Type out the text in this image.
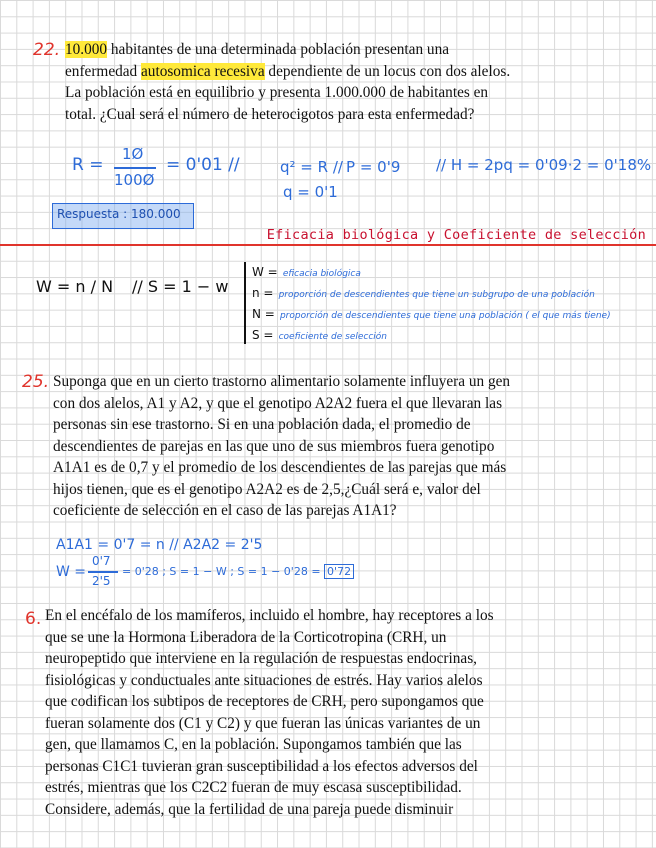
22. 10.000 habitantes de una determinada población presentan una
enfermedad autosomica recesiva dependiente de un locus con dos alelos.
La población está en equilibrio y presenta 1.000.000 de habitantes en
total. ¿Cual será el número de heterocigotos para esta enfermedad?
R =
1Ø
100Ø
= 0'01 //	q² = R // P = 0'9 // H = 2pq = 0'09·2 = 0'18%
q = 0'1
Respuesta : 180.000
Eficacia biológica y Coeficiente de selección
W = n / N // S = 1 − w
W = eficacia biológica
n = proporción de descendientes que tiene un subgrupo de una población
N = proporción de descendientes que tiene una población ( el que más tiene)
S = coeficiente de selección
25. Suponga que en un cierto trastorno alimentario solamente influyera un gen
con dos alelos, A1 y A2, y que el genotipo A2A2 fuera el que llevaran las
personas sin ese trastorno. Si en una población dada, el promedio de
descendientes de parejas en las que uno de sus miembros fuera genotipo
A1A1 es de 0,7 y el promedio de los descendientes de las parejas que más
hijos tienen, que es el genotipo A2A2 es de 2,5,¿Cuál será e, valor del
coeficiente de selección en el caso de las parejas A1A1?
A1A1 = 0'7 = n // A2A2 = 2'5
W =
0'7
2'5
= 0'28 ; S = 1 − W ; S = 1 − 0'28 = 0'72
6. En el encéfalo de los mamíferos, incluido el hombre, hay receptores a los
que se une la Hormona Liberadora de la Corticotropina (CRH, un
neuropeptido que interviene en la regulación de respuestas endocrinas,
fisiológicas y conductuales ante situaciones de estrés. Hay varios alelos
que codifican los subtipos de receptores de CRH, pero supongamos que
fueran solamente dos (C1 y C2) y que fueran las únicas variantes de un
gen, que llamamos C, en la población. Supongamos también que las
personas C1C1 tuvieran gran susceptibilidad a los efectos adversos del
estrés, mientras que los C2C2 fueran de muy escasa susceptibilidad.
Considere, además, que la fertilidad de una pareja puede disminuir
